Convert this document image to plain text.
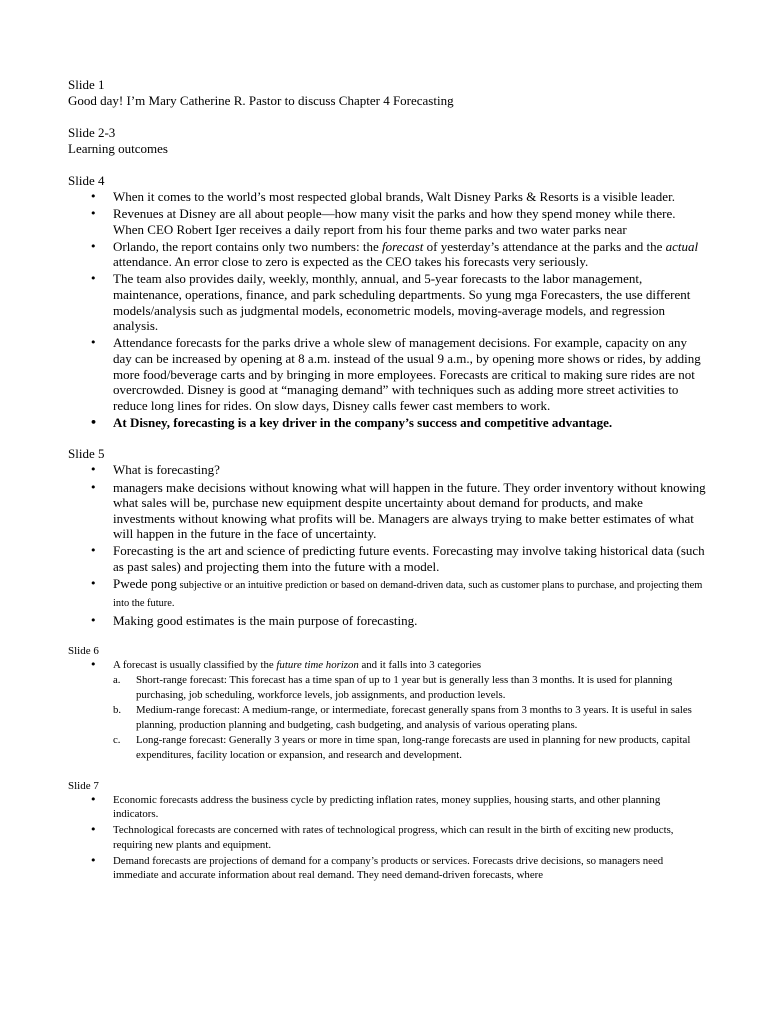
Slide 1

Good day! I’m Mary Catherine R. Pastor to discuss Chapter 4 Forecasting

Slide 2-3

Learning outcomes

Slide 4

• When it comes to the world’s most respected global brands, Walt Disney Parks & Resorts is a visible leader.
• Revenues at Disney are all about people—how many visit the parks and how they spend money while there. When CEO Robert Iger receives a daily report from his four theme parks and two water parks near
• Orlando, the report contains only two numbers: the forecast of yesterday’s attendance at the parks and the actual attendance. An error close to zero is expected as the CEO takes his forecasts very seriously.
• The team also provides daily, weekly, monthly, annual, and 5-year forecasts to the labor management, maintenance, operations, finance, and park scheduling departments. So yung mga Forecasters, the use different models/analysis such as judgmental models, econometric models, moving-average models, and regression analysis.
• Attendance forecasts for the parks drive a whole slew of management decisions. For example, capacity on any day can be increased by opening at 8 a.m. instead of the usual 9 a.m., by opening more shows or rides, by adding more food/beverage carts and by bringing in more employees. Forecasts are critical to making sure rides are not overcrowded. Disney is good at “managing demand” with techniques such as adding more street activities to reduce long lines for rides. On slow days, Disney calls fewer cast members to work.
• At Disney, forecasting is a key driver in the company’s success and competitive advantage.

Slide 5

• What is forecasting?
• managers make decisions without knowing what will happen in the future. They order inventory without knowing what sales will be, purchase new equipment despite uncertainty about demand for products, and make investments without knowing what profits will be. Managers are always trying to make better estimates of what will happen in the future in the face of uncertainty.
• Forecasting is the art and science of predicting future events. Forecasting may involve taking historical data (such as past sales) and projecting them into the future with a model.
• Pwede pong subjective or an intuitive prediction or based on demand-driven data, such as customer plans to purchase, and projecting them into the future.
• Making good estimates is the main purpose of forecasting.

Slide 6

• A forecast is usually classified by the future time horizon and it falls into 3 categories
a. Short-range forecast: This forecast has a time span of up to 1 year but is generally less than 3 months. It is used for planning purchasing, job scheduling, workforce levels, job assignments, and production levels.
b. Medium-range forecast: A medium-range, or intermediate, forecast generally spans from 3 months to 3 years. It is useful in sales planning, production planning and budgeting, cash budgeting, and analysis of various operating plans.
c. Long-range forecast: Generally 3 years or more in time span, long-range forecasts are used in planning for new products, capital expenditures, facility location or expansion, and research and development.

Slide 7

• Economic forecasts address the business cycle by predicting inflation rates, money supplies, housing starts, and other planning indicators.
• Technological forecasts are concerned with rates of technological progress, which can result in the birth of exciting new products, requiring new plants and equipment.
• Demand forecasts are projections of demand for a company’s products or services. Forecasts drive decisions, so managers need immediate and accurate information about real demand. They need demand-driven forecasts, where
